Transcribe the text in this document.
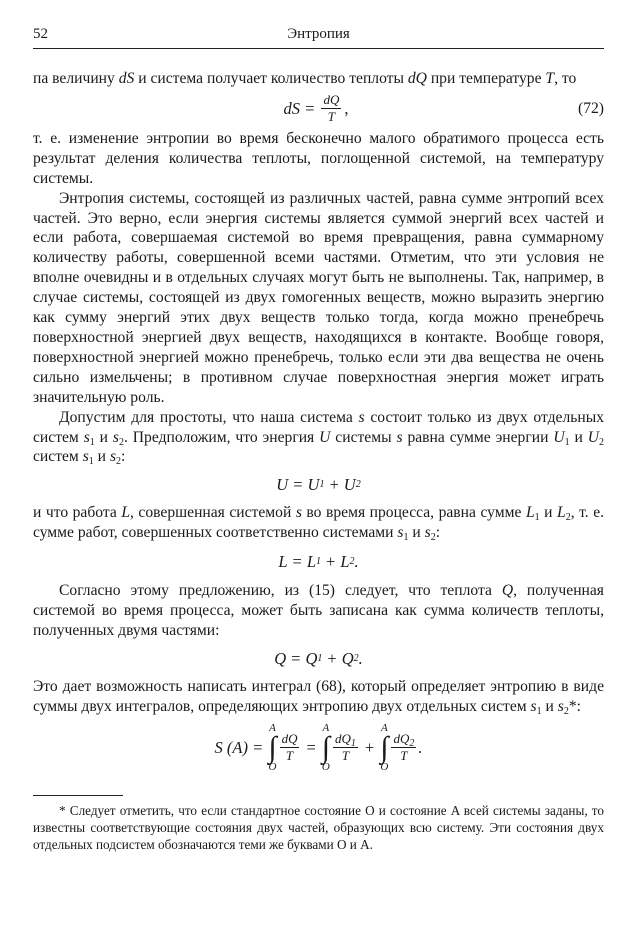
52	Энтропия

па величину dS и система получает количество теплоты dQ при температуре T, то

dS =
$\frac{dQ}{T}$ ,	(72)

т. е. изменение энтропии во время бесконечно малого обратимого процесса есть результат деления количества теплоты, поглощенной системой, на температуру системы.

Энтропия системы, состоящей из различных частей, равна сумме энтропий всех частей. Это верно, если энергия системы является суммой энергий всех частей и если работа, совершаемая системой во время превращения, равна суммарному количеству работы, совершенной всеми частями. Отметим, что эти условия не вполне очевидны и в отдельных случаях могут быть не выполнены. Так, например, в случае системы, состоящей из двух гомогенных веществ, можно выразить энергию как сумму энергий этих двух веществ только тогда, когда можно пренебречь поверхностной энергией двух веществ, находящихся в контакте. Вообще говоря, поверхностной энергией можно пренебречь, только если эти два вещества не очень сильно измельчены; в противном случае поверхностная энергия может играть значительную роль.

Допустим для простоты, что наша система s состоит только из двух отдельных систем $s_1$ и $s_2$. Предположим, что энергия U системы s равна сумме энергии $U_1$ и $U_2$ систем $s_1$ и $s_2$:

U = U 1 + U 2

и что работа L, совершенная системой s во время процесса, равна сумме $L_1$ и $L_2$, т. е. сумме работ, совершенных соответственно системами $s_1$ и $s_2$:

L = L 1 + L 2 .

Согласно этому предложению, из (15) следует, что теплота Q, полученная системой во время процесса, может быть записана как сумма количеств теплоты, полученных двумя частями:

Q = Q 1 + Q 2 .

Это дает возможность написать интеграл (68), который определяет энтропию в виде суммы двух интегралов, определяющих энтропию двух отдельных систем $s_1$ и $s_2*$:

S (A) =

A
∫
O
$\frac{dQ}{T}$ =
A
∫
O
$\frac{dQ_1}{T}$ +
A
∫
O
$\frac{dQ_2}{T}$ .

* Следует отметить, что если стандартное состояние O и состояние A всей системы заданы, то известны соответствующие состояния двух частей, образующих всю систему. Эти состояния двух отдельных подсистем обозначаются теми же буквами O и A.
